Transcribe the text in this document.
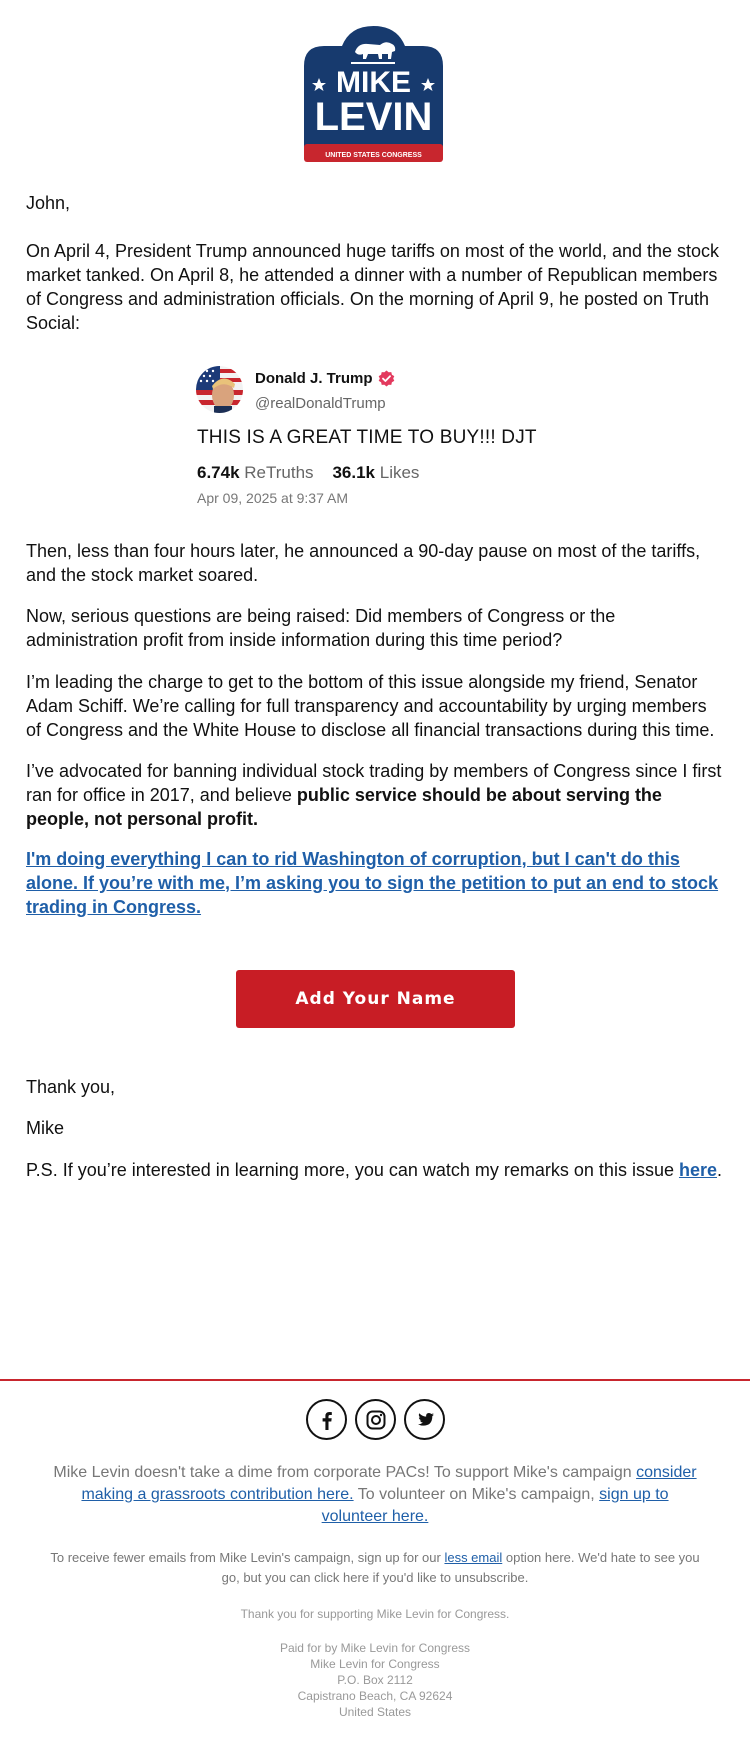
MIKE
LEVIN
UNITED STATES CONGRESS
John,
On April 4, President Trump announced huge tariffs on most of the world, and the stock market tanked. On April 8, he attended a dinner with a number of Republican members of Congress and administration officials. On the morning of April 9, he posted on Truth Social:
Donald J. Trump
@realDonaldTrump
THIS IS A GREAT TIME TO BUY!!! DJT
6.74k ReTruths 36.1k Likes
Apr 09, 2025 at 9:37 AM
Then, less than four hours later, he announced a 90-day pause on most of the tariffs, and the stock market soared.
Now, serious questions are being raised: Did members of Congress or the administration profit from inside information during this time period?
I’m leading the charge to get to the bottom of this issue alongside my friend, Senator Adam Schiff. We’re calling for full transparency and accountability by urging members of Congress and the White House to disclose all financial transactions during this time.
I’ve advocated for banning individual stock trading by members of Congress since I first ran for office in 2017, and believe public service should be about serving the people, not personal profit.
I'm doing everything I can to rid Washington of corruption, but I can't do this alone. If you’re with me, I’m asking you to sign the petition to put an end to stock trading in Congress.
Add Your Name
Thank you,
Mike
P.S. If you’re interested in learning more, you can watch my remarks on this issue here.
Mike Levin doesn't take a dime from corporate PACs! To support Mike's campaign consider making a grassroots contribution here. To volunteer on Mike's campaign, sign up to volunteer here.
To receive fewer emails from Mike Levin's campaign, sign up for our less email option here. We'd hate to see you go, but you can click here if you'd like to unsubscribe.
Thank you for supporting Mike Levin for Congress.
Paid for by Mike Levin for Congress
Mike Levin for Congress
P.O. Box 2112
Capistrano Beach, CA 92624
United States
